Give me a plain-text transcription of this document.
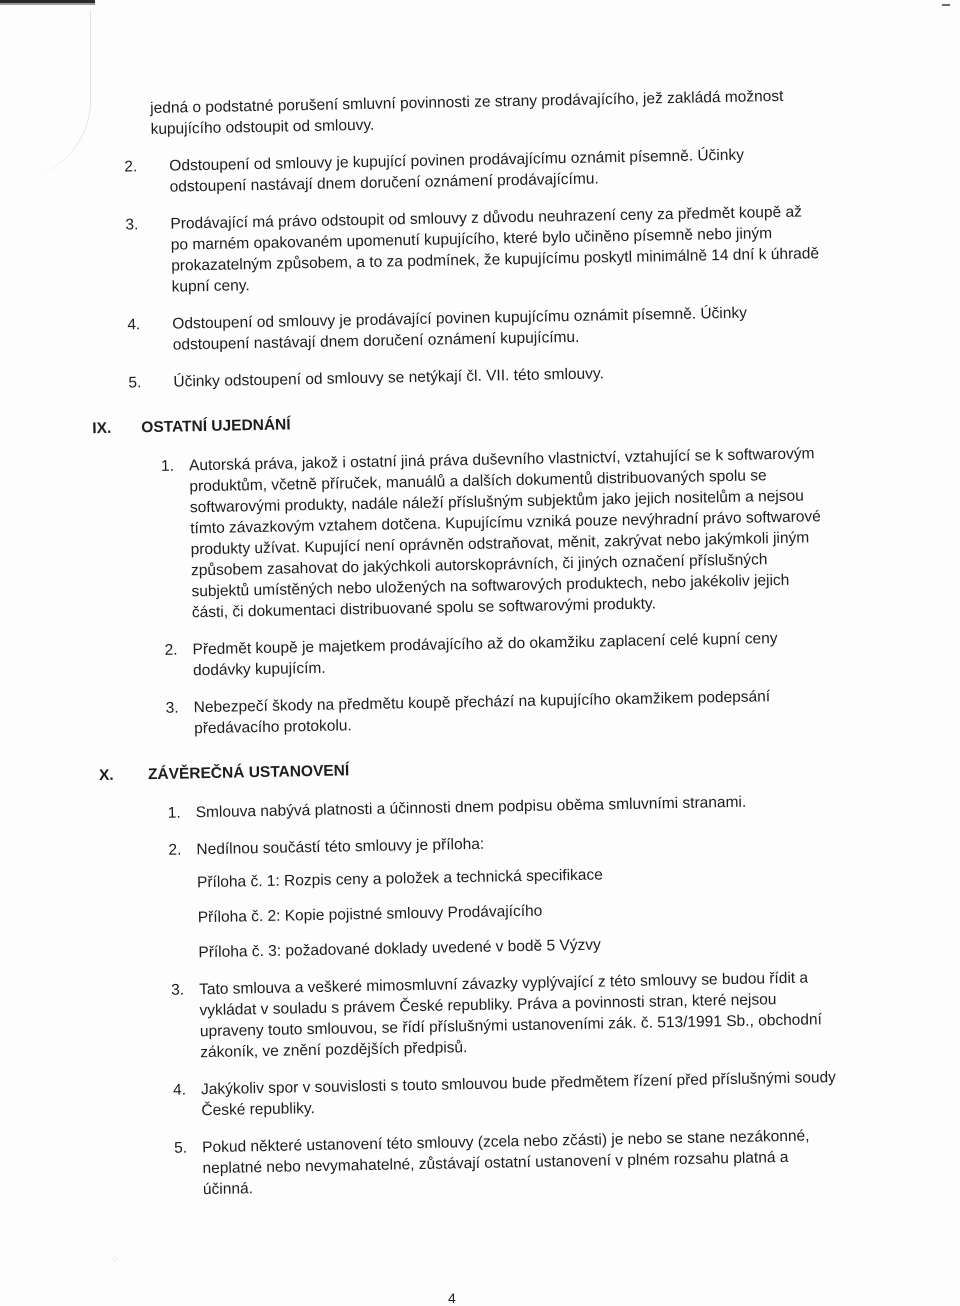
jedná o podstatné porušení smluvní povinnosti ze strany prodávajícího, jež zakládá možnost kupujícího odstoupit od smlouvy.

2. Odstoupení od smlouvy je kupující povinen prodávajícímu oznámit písemně. Účinky odstoupení nastávají dnem doručení oznámení prodávajícímu.

3. Prodávající má právo odstoupit od smlouvy z důvodu neuhrazení ceny za předmět koupě až po marném opakovaném upomenutí kupujícího, které bylo učiněno písemně nebo jiným prokazatelným způsobem, a to za podmínek, že kupujícímu poskytl minimálně 14 dní k úhradě kupní ceny.

4. Odstoupení od smlouvy je prodávající povinen kupujícímu oznámit písemně. Účinky odstoupení nastávají dnem doručení oznámení kupujícímu.

5. Účinky odstoupení od smlouvy se netýkají čl. VII. této smlouvy.

IX. OSTATNÍ UJEDNÁNÍ

1. Autorská práva, jakož i ostatní jiná práva duševního vlastnictví, vztahující se k softwarovým produktům, včetně příruček, manuálů a dalších dokumentů distribuovaných spolu se softwarovými produkty, nadále náleží příslušným subjektům jako jejich nositelům a nejsou tímto závazkovým vztahem dotčena. Kupujícímu vzniká pouze nevýhradní právo softwarové produkty užívat. Kupující není oprávněn odstraňovat, měnit, zakrývat nebo jakýmkoli jiným způsobem zasahovat do jakýchkoli autorskoprávních, či jiných označení příslušných subjektů umístěných nebo uložených na softwarových produktech, nebo jakékoliv jejich části, či dokumentaci distribuované spolu se softwarovými produkty.

2. Předmět koupě je majetkem prodávajícího až do okamžiku zaplacení celé kupní ceny dodávky kupujícím.

3. Nebezpečí škody na předmětu koupě přechází na kupujícího okamžikem podepsání předávacího protokolu.

X. ZÁVĚREČNÁ USTANOVENÍ

1. Smlouva nabývá platnosti a účinnosti dnem podpisu oběma smluvními stranami.

2. Nedílnou součástí této smlouvy je příloha:
Příloha č. 1: Rozpis ceny a položek a technická specifikace
Příloha č. 2: Kopie pojistné smlouvy Prodávajícího
Příloha č. 3: požadované doklady uvedené v bodě 5 Výzvy

3. Tato smlouva a veškeré mimosmluvní závazky vyplývající z této smlouvy se budou řídit a vykládat v souladu s právem České republiky. Práva a povinnosti stran, které nejsou upraveny touto smlouvou, se řídí příslušnými ustanoveními zák. č. 513/1991 Sb., obchodní zákoník, ve znění pozdějších předpisů.

4. Jakýkoliv spor v souvislosti s touto smlouvou bude předmětem řízení před příslušnými soudy České republiky.

5. Pokud některé ustanovení této smlouvy (zcela nebo zčásti) je nebo se stane nezákonné, neplatné nebo nevymahatelné, zůstávají ostatní ustanovení v plném rozsahu platná a účinná.

◌
4
